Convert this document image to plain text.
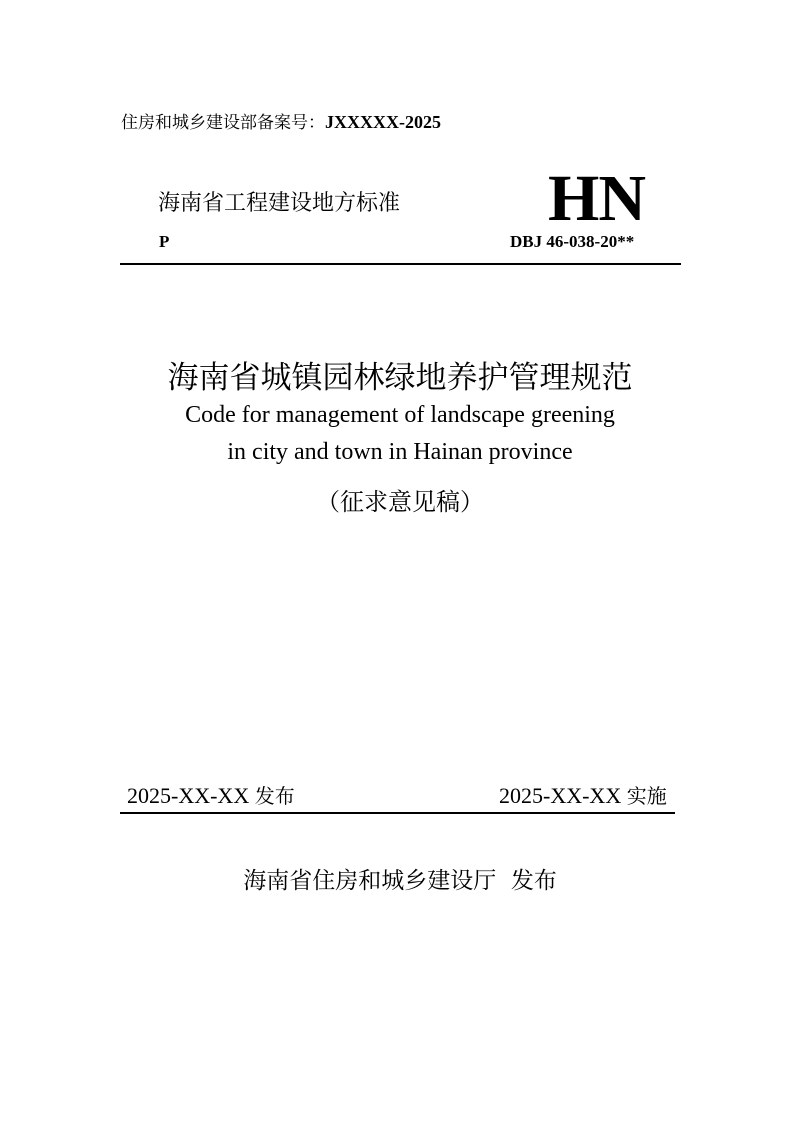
住房和城乡建设部备案号：JXXXXX-2025
海南省工程建设地方标准 HN
P	DBJ 46-038-20**
海南省城镇园林绿地养护管理规范
Code for management of landscape greening
in city and town in Hainan province
（征求意见稿）
2025-XX-XX 发布	2025-XX-XX 实施
海南省住房和城乡建设厅 发布
